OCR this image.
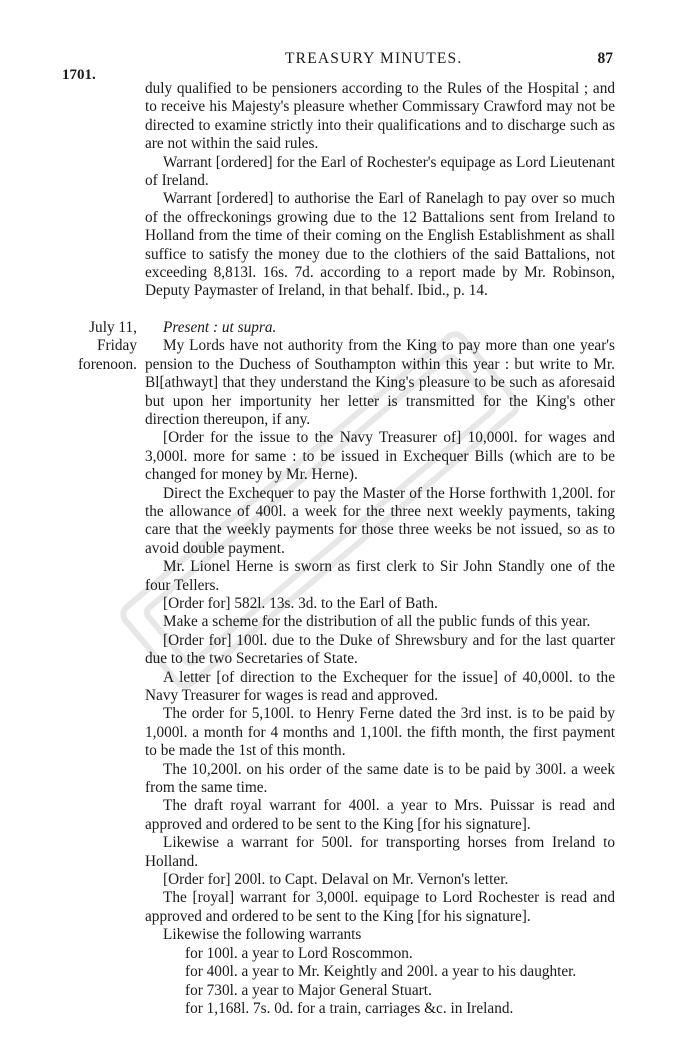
TREASURY MINUTES.	87
1701.

duly qualified to be pensioners according to the Rules of the Hospital ; and to receive his Majesty's pleasure whether Commissary Crawford may not be directed to examine strictly into their qualifications and to discharge such as are not within the said rules.

Warrant [ordered] for the Earl of Rochester's equipage as Lord Lieutenant of Ireland.

Warrant [ordered] to authorise the Earl of Ranelagh to pay over so much of the offreckonings growing due to the 12 Battalions sent from Ireland to Holland from the time of their coming on the English Establishment as shall suffice to satisfy the money due to the clothiers of the said Battalions, not exceeding 8,813l. 16s. 7d. according to a report made by Mr. Robinson, Deputy Paymaster of Ireland, in that behalf. Ibid., p. 14.

July 11,
Friday
forenoon.

Present : ut supra.

My Lords have not authority from the King to pay more than one year's pension to the Duchess of Southampton within this year : but write to Mr. Bl[athwayt] that they understand the King's pleasure to be such as aforesaid but upon her importunity her letter is transmitted for the King's other direction thereupon, if any.

[Order for the issue to the Navy Treasurer of] 10,000l. for wages and 3,000l. more for same : to be issued in Exchequer Bills (which are to be changed for money by Mr. Herne).

Direct the Exchequer to pay the Master of the Horse forthwith 1,200l. for the allowance of 400l. a week for the three next weekly payments, taking care that the weekly payments for those three weeks be not issued, so as to avoid double payment.

Mr. Lionel Herne is sworn as first clerk to Sir John Standly one of the four Tellers.

[Order for] 582l. 13s. 3d. to the Earl of Bath.

Make a scheme for the distribution of all the public funds of this year.

[Order for] 100l. due to the Duke of Shrewsbury and for the last quarter due to the two Secretaries of State.

A letter [of direction to the Exchequer for the issue] of 40,000l. to the Navy Treasurer for wages is read and approved.

The order for 5,100l. to Henry Ferne dated the 3rd inst. is to be paid by 1,000l. a month for 4 months and 1,100l. the fifth month, the first payment to be made the 1st of this month.

The 10,200l. on his order of the same date is to be paid by 300l. a week from the same time.

The draft royal warrant for 400l. a year to Mrs. Puissar is read and approved and ordered to be sent to the King [for his signature].

Likewise a warrant for 500l. for transporting horses from Ireland to Holland.

[Order for] 200l. to Capt. Delaval on Mr. Vernon's letter.

The [royal] warrant for 3,000l. equipage to Lord Rochester is read and approved and ordered to be sent to the King [for his signature].

Likewise the following warrants

for 100l. a year to Lord Roscommon.

for 400l. a year to Mr. Keightly and 200l. a year to his daughter.

for 730l. a year to Major General Stuart.

for 1,168l. 7s. 0d. for a train, carriages &c. in Ireland.
